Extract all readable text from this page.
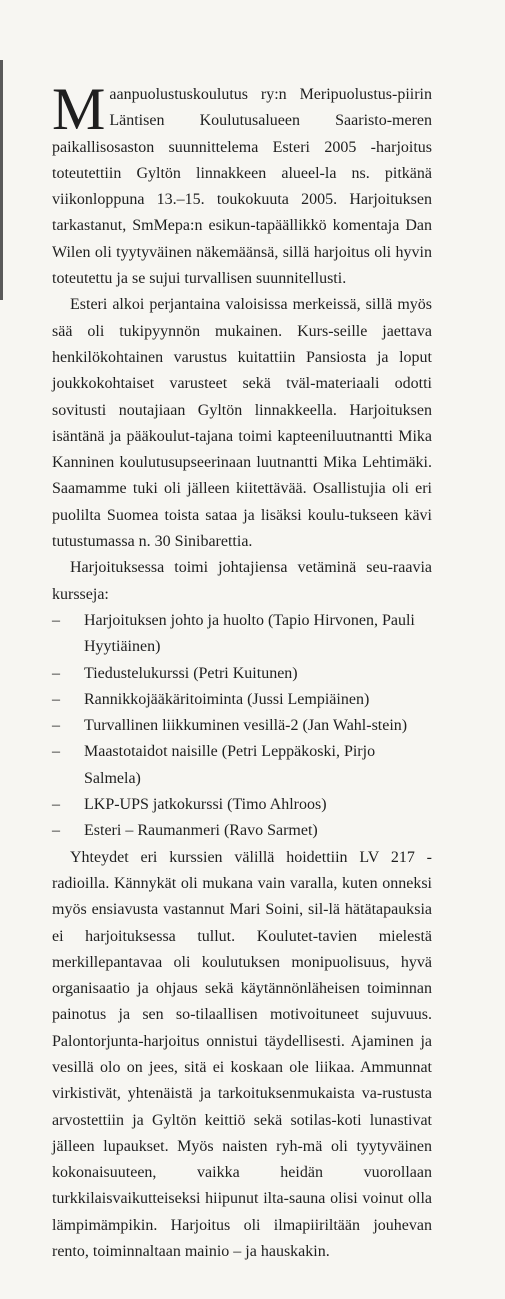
Maanpuolustuskoulutus ry:n Meripuolustus-piirin Läntisen Koulutusalueen Saaristo-meren paikallisosaston suunnittelema Esteri 2005 -harjoitus toteutettiin Gyltön linnakkeen alueel-la ns. pitkänä viikonloppuna 13.–15. toukokuuta 2005. Harjoituksen tarkastanut, SmMepa:n esikun-tapäällikkö komentaja Dan Wilen oli tyytyväinen näkemäänsä, sillä harjoitus oli hyvin toteutettu ja se sujui turvallisen suunnitellusti.

Esteri alkoi perjantaina valoisissa merkeissä, sillä myös sää oli tukipyynnön mukainen. Kurs-seille jaettava henkilökohtainen varustus kuitattiin Pansiosta ja loput joukkokohtaiset varusteet sekä tväl-materiaali odotti sovitusti noutajiaan Gyltön linnakkeella. Harjoituksen isäntänä ja pääkoulut-tajana toimi kapteeniluutnantti Mika Kanninen koulutusupseerinaan luutnantti Mika Lehtimäki. Saamamme tuki oli jälleen kiitettävää. Osallistujia oli eri puolilta Suomea toista sataa ja lisäksi koulu-tukseen kävi tutustumassa n. 30 Sinibarettia.

Harjoituksessa toimi johtajiensa vetäminä seu-raavia kursseja:

– Harjoituksen johto ja huolto (Tapio Hirvonen, Pauli Hyytiäinen)
– Tiedustelukurssi (Petri Kuitunen)
– Rannikkojääkäritoiminta (Jussi Lempiäinen)
– Turvallinen liikkuminen vesillä-2 (Jan Wahl-stein)
– Maastotaidot naisille (Petri Leppäkoski, Pirjo Salmela)
– LKP-UPS jatkokurssi (Timo Ahlroos)
– Esteri – Raumanmeri (Ravo Sarmet)

Yhteydet eri kurssien välillä hoidettiin LV 217 -radioilla. Kännykät oli mukana vain varalla, kuten onneksi myös ensiavusta vastannut Mari Soini, sil-lä hätätapauksia ei harjoituksessa tullut. Koulutet-tavien mielestä merkillepantavaa oli koulutuksen monipuolisuus, hyvä organisaatio ja ohjaus sekä käytännönläheisen toiminnan painotus ja sen so-tilaallisen motivoituneet sujuvuus. Palontorjunta-harjoitus onnistui täydellisesti. Ajaminen ja vesillä olo on jees, sitä ei koskaan ole liikaa. Ammunnat virkistivät, yhtenäistä ja tarkoituksenmukaista va-rustusta arvostettiin ja Gyltön keittiö sekä sotilas-koti lunastivat jälleen lupaukset. Myös naisten ryh-mä oli tyytyväinen kokonaisuuteen, vaikka heidän vuorollaan turkkilaisvaikutteiseksi hiipunut ilta-sauna olisi voinut olla lämpimämpikin. Harjoitus oli ilmapiiriltään jouhevan rento, toiminnaltaan mainio – ja hauskakin.
